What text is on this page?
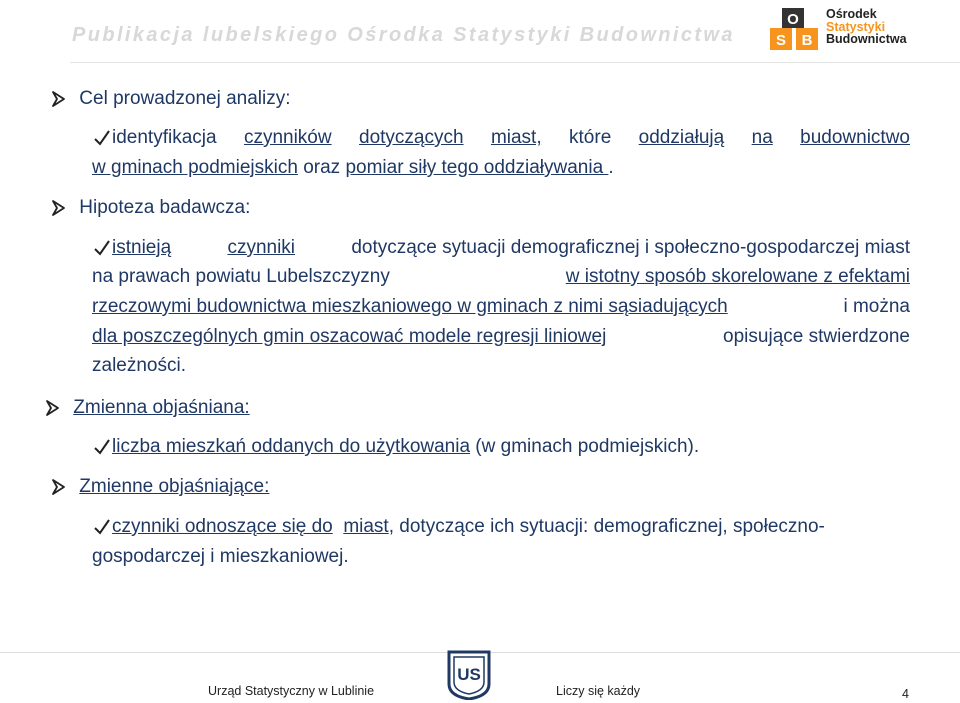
Publikacja lubelskiego Ośrodka Statystyki Budownictwa
O
S B
Ośrodek
Statystyki
Budownictwa
Cel prowadzonej analizy:
identyfikacja czynników dotyczących miast, które oddziałują na budownictwo
w gminach podmiejskich oraz pomiar siły tego oddziaływania .
Hipoteza badawcza:
istnieją	czynniki	dotyczące sytuacji demograficznej i społeczno-gospodarczej miast
na prawach powiatu Lubelszczyzny	w istotny sposób skorelowane z efektami
rzeczowymi budownictwa mieszkaniowego w gminach z nimi sąsiadujących	i można
dla poszczególnych gmin oszacować modele regresji liniowej	opisujące stwierdzone
zależności.
Zmienna objaśniana:
liczba mieszkań oddanych do użytkowania (w gminach podmiejskich).
Zmienne objaśniające:
czynniki odnoszące się do miast, dotyczące ich sytuacji: demograficznej, społeczno-
gospodarczej i mieszkaniowej.
Urząd Statystyczny w Lublinie
US
Liczy się każdy	4
